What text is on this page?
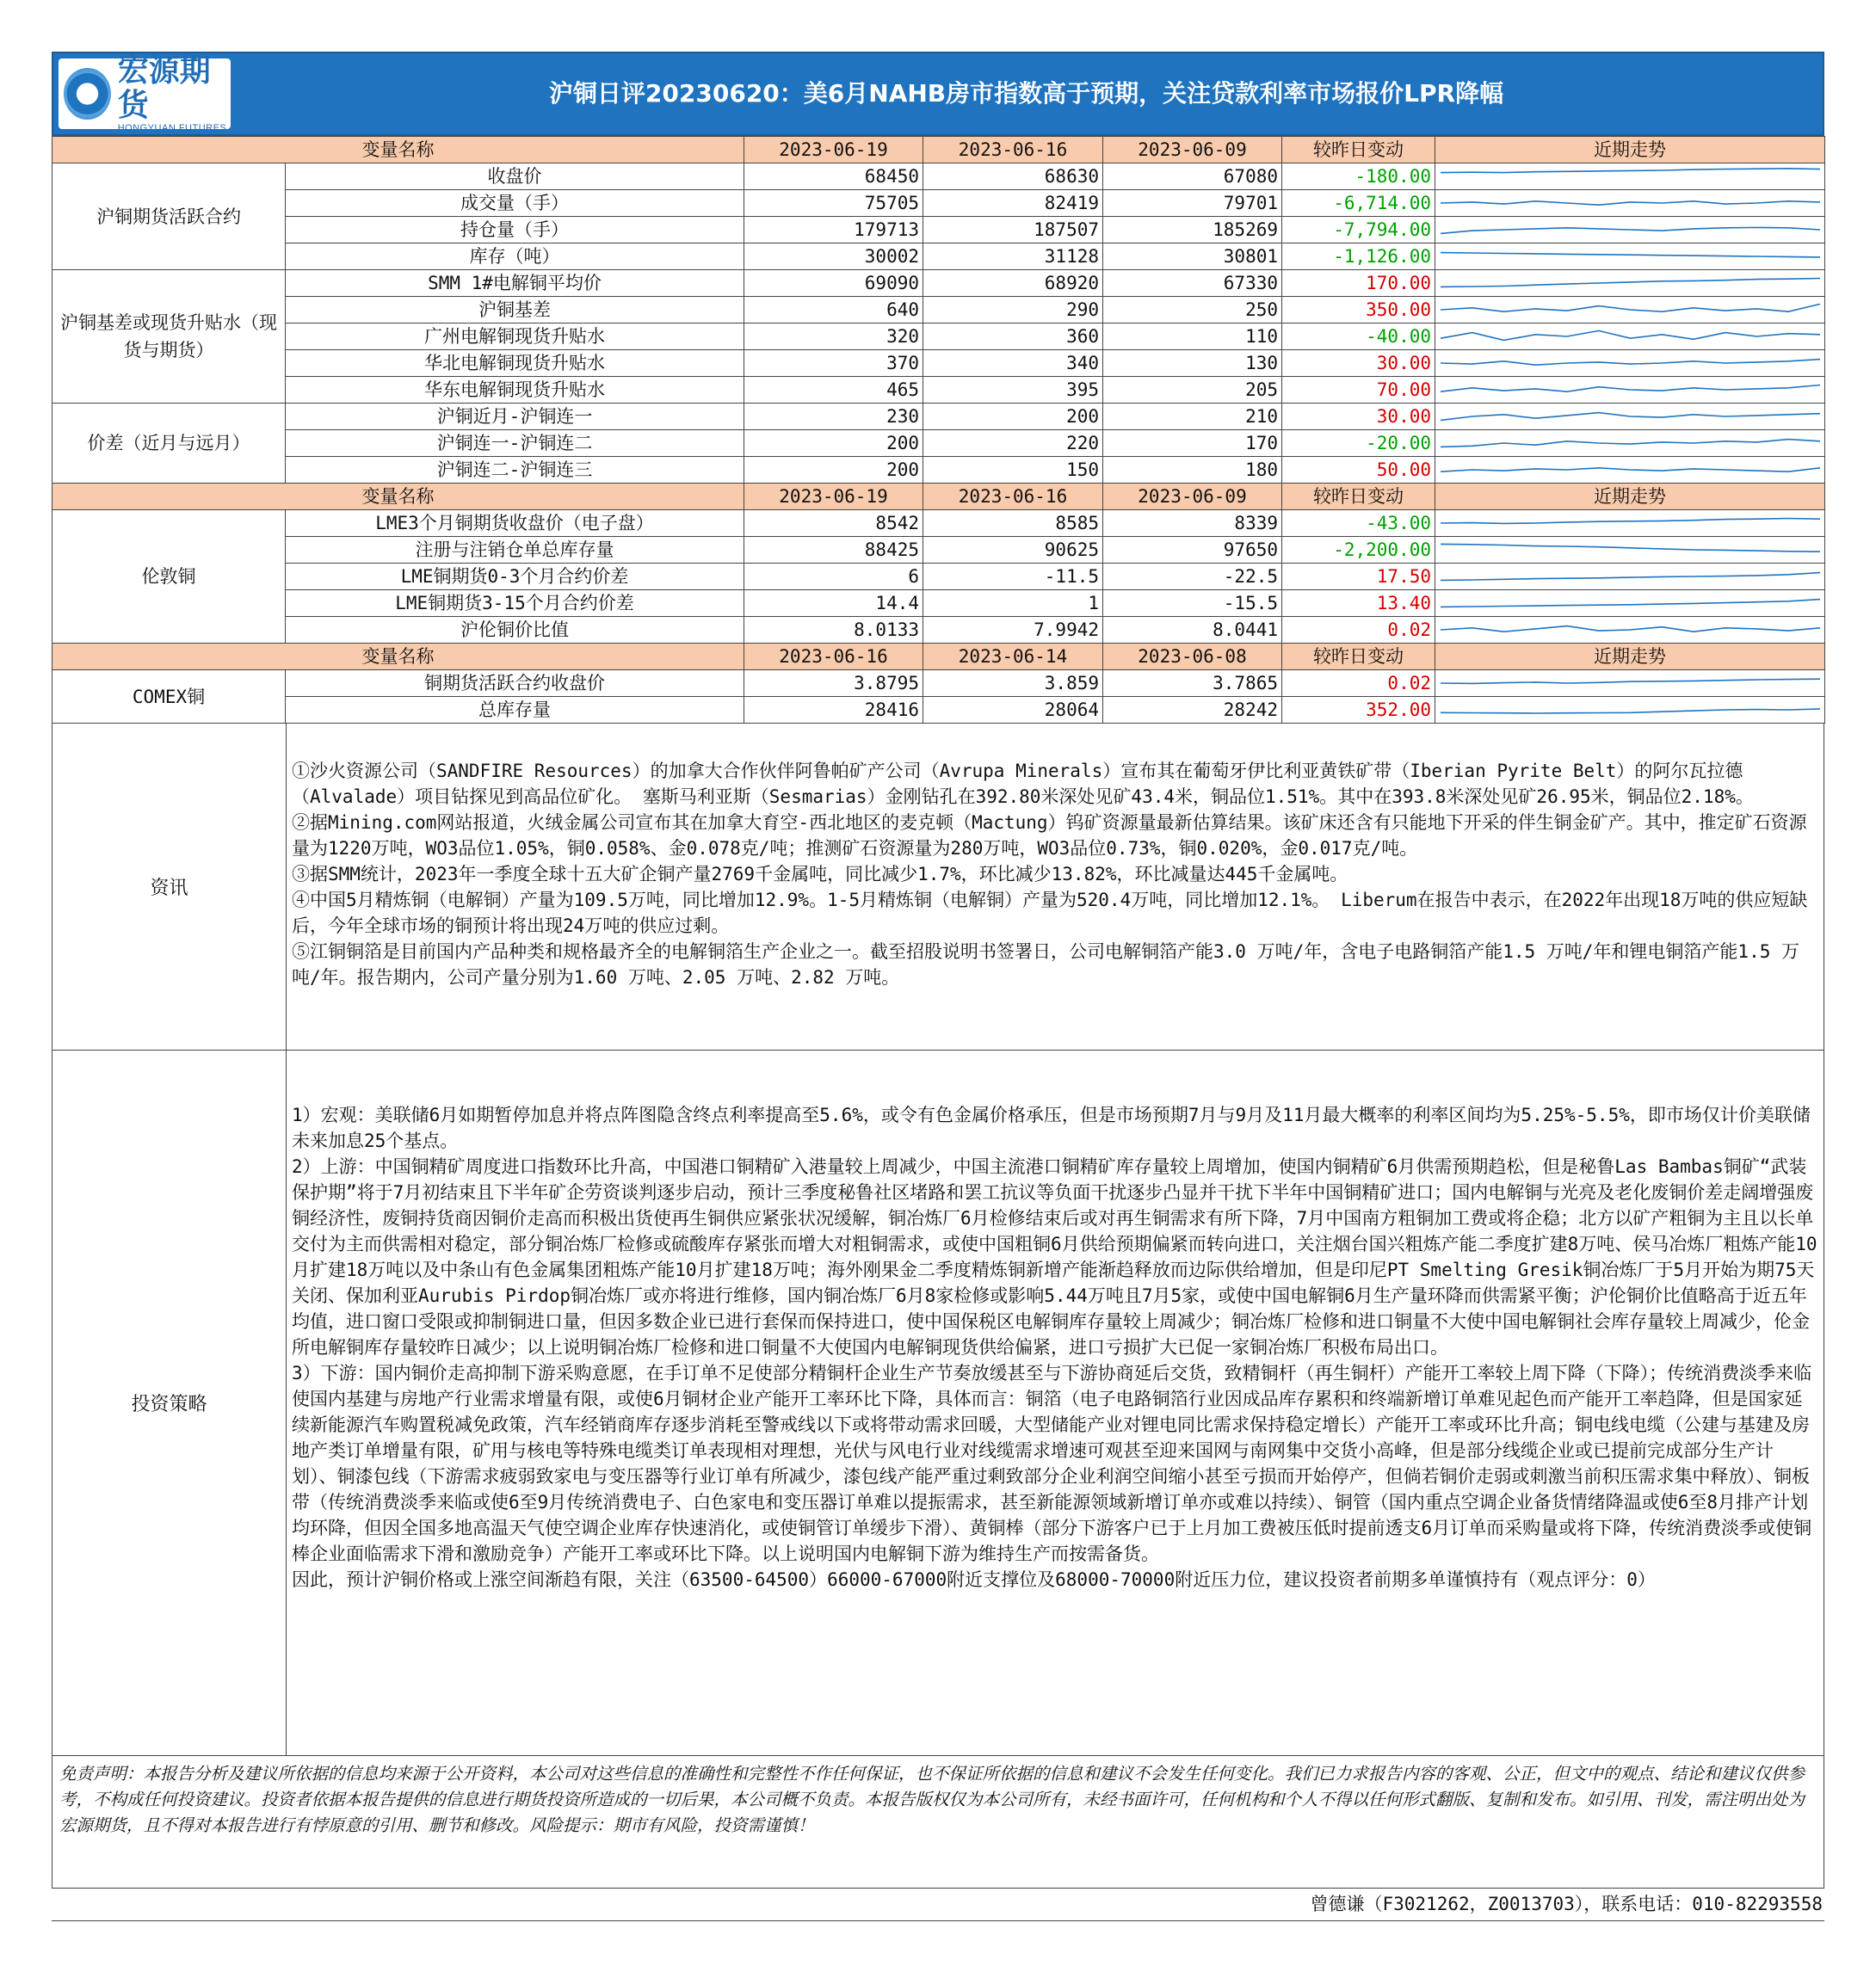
宏源期货
HONGYUAN FUTURES
沪铜日评20230620：美6月NAHB房市指数高于预期，关注贷款利率市场报价LPR降幅
变量名称		2023-06-19	2023-06-16	2023-06-09	较昨日变动	近期走势
沪铜期货活跃合约	收盘价	68450	68630	67080	-180.00	

	成交量（手）	75705	82419	79701	-6,714.00	

	持仓量（手）	179713	187507	185269	-7,794.00	

	库存（吨）	30002	31128	30801	-1,126.00	

沪铜基差或现货升贴水（现货与期货）	SMM 1#电解铜平均价	69090	68920	67330	170.00	

	沪铜基差	640	290	250	350.00	

	广州电解铜现货升贴水	320	360	110	-40.00	

	华北电解铜现货升贴水	370	340	130	30.00	

	华东电解铜现货升贴水	465	395	205	70.00	

价差（近月与远月）	沪铜近月-沪铜连一	230	200	210	30.00	

	沪铜连一-沪铜连二	200	220	170	-20.00	

	沪铜连二-沪铜连三	200	150	180	50.00	

变量名称		2023-06-19	2023-06-16	2023-06-09	较昨日变动	近期走势
伦敦铜	LME3个月铜期货收盘价（电子盘）	8542	8585	8339	-43.00	

	注册与注销仓单总库存量	88425	90625	97650	-2,200.00	

	LME铜期货0-3个月合约价差	6	-11.5	-22.5	17.50	

	LME铜期货3-15个月合约价差	14.4	1	-15.5	13.40	

	沪伦铜价比值	8.0133	7.9942	8.0441	0.02	

变量名称		2023-06-16	2023-06-14	2023-06-08	较昨日变动	近期走势
COMEX铜	铜期货活跃合约收盘价	3.8795	3.859	3.7865	0.02	

	总库存量	28416	28064	28242	352.00	
资讯

①沙火资源公司（SANDFIRE Resources）的加拿大合作伙伴阿鲁帕矿产公司（Avrupa Minerals）宣布其在葡萄牙伊比利亚黄铁矿带（Iberian Pyrite Belt）的阿尔瓦拉德（Alvalade）项目钻探见到高品位矿化。 塞斯马利亚斯（Sesmarias）金刚钻孔在392.80米深处见矿43.4米，铜品位1.51%。其中在393.8米深处见矿26.95米，铜品位2.18%。

②据Mining.com网站报道，火绒金属公司宣布其在加拿大育空-西北地区的麦克顿（Mactung）钨矿资源量最新估算结果。该矿床还含有只能地下开采的伴生铜金矿产。其中，推定矿石资源量为1220万吨，WO3品位1.05%，铜0.058%、金0.078克/吨；推测矿石资源量为280万吨，WO3品位0.73%，铜0.020%，金0.017克/吨。

③据SMM统计，2023年一季度全球十五大矿企铜产量2769千金属吨，同比减少1.7%，环比减少13.82%，环比减量达445千金属吨。

④中国5月精炼铜（电解铜）产量为109.5万吨，同比增加12.9%。1-5月精炼铜（电解铜）产量为520.4万吨，同比增加12.1%。 Liberum在报告中表示，在2022年出现18万吨的供应短缺后，今年全球市场的铜预计将出现24万吨的供应过剩。

⑤江铜铜箔是目前国内产品种类和规格最齐全的电解铜箔生产企业之一。截至招股说明书签署日，公司电解铜箔产能3.0 万吨/年，含电子电路铜箔产能1.5 万吨/年和锂电铜箔产能1.5 万吨/年。报告期内，公司产量分别为1.60 万吨、2.05 万吨、2.82 万吨。

投资策略

1）宏观：美联储6月如期暂停加息并将点阵图隐含终点利率提高至5.6%，或令有色金属价格承压，但是市场预期7月与9月及11月最大概率的利率区间均为5.25%-5.5%，即市场仅计价美联储未来加息25个基点。

2）上游：中国铜精矿周度进口指数环比升高，中国港口铜精矿入港量较上周减少，中国主流港口铜精矿库存量较上周增加，使国内铜精矿6月供需预期趋松，但是秘鲁Las Bambas铜矿“武装保护期”将于7月初结束且下半年矿企劳资谈判逐步启动，预计三季度秘鲁社区堵路和罢工抗议等负面干扰逐步凸显并干扰下半年中国铜精矿进口；国内电解铜与光亮及老化废铜价差走阔增强废铜经济性，废铜持货商因铜价走高而积极出货使再生铜供应紧张状况缓解，铜冶炼厂6月检修结束后或对再生铜需求有所下降，7月中国南方粗铜加工费或将企稳；北方以矿产粗铜为主且以长单交付为主而供需相对稳定，部分铜冶炼厂检修或硫酸库存紧张而增大对粗铜需求，或使中国粗铜6月供给预期偏紧而转向进口，关注烟台国兴粗炼产能二季度扩建8万吨、侯马冶炼厂粗炼产能10月扩建18万吨以及中条山有色金属集团粗炼产能10月扩建18万吨；海外刚果金二季度精炼铜新增产能渐趋释放而边际供给增加，但是印尼PT Smelting Gresik铜冶炼厂于5月开始为期75天关闭、保加利亚Aurubis Pirdop铜冶炼厂或亦将进行维修，国内铜冶炼厂6月8家检修或影响5.44万吨且7月5家，或使中国电解铜6月生产量环降而供需紧平衡；沪伦铜价比值略高于近五年均值，进口窗口受限或抑制铜进口量，但因多数企业已进行套保而保持进口，使中国保税区电解铜库存量较上周减少；铜冶炼厂检修和进口铜量不大使中国电解铜社会库存量较上周减少，伦金所电解铜库存量较昨日减少；以上说明铜冶炼厂检修和进口铜量不大使国内电解铜现货供给偏紧，进口亏损扩大已促一家铜冶炼厂积极布局出口。

3）下游：国内铜价走高抑制下游采购意愿，在手订单不足使部分精铜杆企业生产节奏放缓甚至与下游协商延后交货，致精铜杆（再生铜杆）产能开工率较上周下降（下降）；传统消费淡季来临使国内基建与房地产行业需求增量有限，或使6月铜材企业产能开工率环比下降，具体而言：铜箔（电子电路铜箔行业因成品库存累积和终端新增订单难见起色而产能开工率趋降，但是国家延续新能源汽车购置税减免政策，汽车经销商库存逐步消耗至警戒线以下或将带动需求回暖，大型储能产业对锂电同比需求保持稳定增长）产能开工率或环比升高；铜电线电缆（公建与基建及房地产类订单增量有限，矿用与核电等特殊电缆类订单表现相对理想，光伏与风电行业对线缆需求增速可观甚至迎来国网与南网集中交货小高峰，但是部分线缆企业或已提前完成部分生产计划）、铜漆包线（下游需求疲弱致家电与变压器等行业订单有所减少，漆包线产能严重过剩致部分企业利润空间缩小甚至亏损而开始停产，但倘若铜价走弱或刺激当前积压需求集中释放）、铜板带（传统消费淡季来临或使6至9月传统消费电子、白色家电和变压器订单难以提振需求，甚至新能源领域新增订单亦或难以持续）、铜管（国内重点空调企业备货情绪降温或使6至8月排产计划均环降，但因全国多地高温天气使空调企业库存快速消化，或使铜管订单缓步下滑）、黄铜棒（部分下游客户已于上月加工费被压低时提前透支6月订单而采购量或将下降，传统消费淡季或使铜棒企业面临需求下滑和激励竞争）产能开工率或环比下降。以上说明国内电解铜下游为维持生产而按需备货。

因此，预计沪铜价格或上涨空间渐趋有限，关注（63500-64500）66000-67000附近支撑位及68000-70000附近压力位，建议投资者前期多单谨慎持有（观点评分：0）

免责声明：本报告分析及建议所依据的信息均来源于公开资料，本公司对这些信息的准确性和完整性不作任何保证，也不保证所依据的信息和建议不会发生任何变化。我们已力求报告内容的客观、公正，但文中的观点、结论和建议仅供参考，不构成任何投资建议。投资者依据本报告提供的信息进行期货投资所造成的一切后果，本公司概不负责。本报告版权仅为本公司所有，未经书面许可，任何机构和个人不得以任何形式翻版、复制和发布。如引用、刊发，需注明出处为宏源期货，且不得对本报告进行有悖原意的引用、删节和修改。风险提示：期市有风险，投资需谨慎！
曾德谦（F3021262，Z0013703），联系电话：010-82293558
